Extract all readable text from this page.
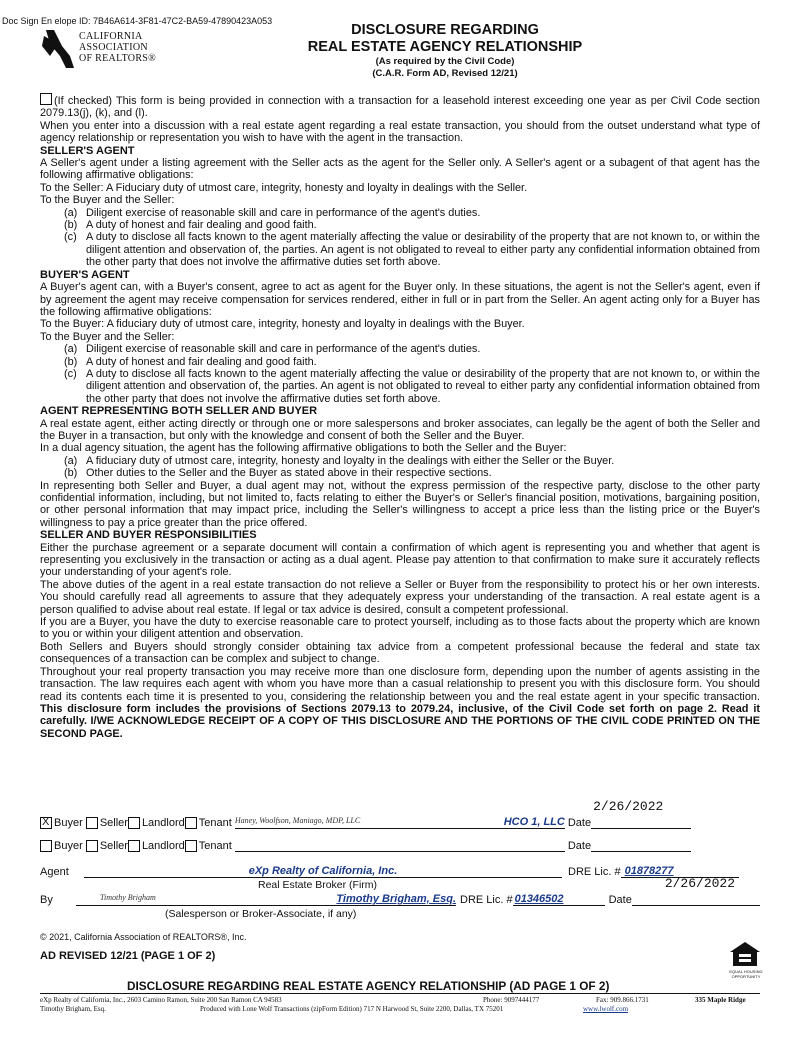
Doc Sign En elope ID: 7B46A614-3F81-47C2-BA59-47890423A053
CALIFORNIA
ASSOCIATION
OF REALTORS®
DISCLOSURE REGARDING
REAL ESTATE AGENCY RELATIONSHIP
(As required by the Civil Code)
(C.A.R. Form AD, Revised 12/21)

(If checked) This form is being provided in connection with a transaction for a leasehold interest exceeding one year as per Civil Code section 2079.13(j), (k), and (l).

When you enter into a discussion with a real estate agent regarding a real estate transaction, you should from the outset understand what type of agency relationship or representation you wish to have with the agent in the transaction.

SELLER'S AGENT

A Seller's agent under a listing agreement with the Seller acts as the agent for the Seller only. A Seller's agent or a subagent of that agent has the following affirmative obligations:

To the Seller: A Fiduciary duty of utmost care, integrity, honesty and loyalty in dealings with the Seller.

To the Buyer and the Seller:

(a) Diligent exercise of reasonable skill and care in performance of the agent's duties.
(b) A duty of honest and fair dealing and good faith.
(c) A duty to disclose all facts known to the agent materially affecting the value or desirability of the property that are not known to, or within the diligent attention and observation of, the parties. An agent is not obligated to reveal to either party any confidential information obtained from the other party that does not involve the affirmative duties set forth above.
BUYER'S AGENT

A Buyer's agent can, with a Buyer's consent, agree to act as agent for the Buyer only. In these situations, the agent is not the Seller's agent, even if by agreement the agent may receive compensation for services rendered, either in full or in part from the Seller. An agent acting only for a Buyer has the following affirmative obligations:

To the Buyer: A fiduciary duty of utmost care, integrity, honesty and loyalty in dealings with the Buyer.

To the Buyer and the Seller:

(a) Diligent exercise of reasonable skill and care in performance of the agent's duties.
(b) A duty of honest and fair dealing and good faith.
(c) A duty to disclose all facts known to the agent materially affecting the value or desirability of the property that are not known to, or within the diligent attention and observation of, the parties. An agent is not obligated to reveal to either party any confidential information obtained from the other party that does not involve the affirmative duties set forth above.
AGENT REPRESENTING BOTH SELLER AND BUYER

A real estate agent, either acting directly or through one or more salespersons and broker associates, can legally be the agent of both the Seller and the Buyer in a transaction, but only with the knowledge and consent of both the Seller and the Buyer.

In a dual agency situation, the agent has the following affirmative obligations to both the Seller and the Buyer:

(a) A fiduciary duty of utmost care, integrity, honesty and loyalty in the dealings with either the Seller or the Buyer.
(b) Other duties to the Seller and the Buyer as stated above in their respective sections.

In representing both Seller and Buyer, a dual agent may not, without the express permission of the respective party, disclose to the other party confidential information, including, but not limited to, facts relating to either the Buyer's or Seller's financial position, motivations, bargaining position, or other personal information that may impact price, including the Seller's willingness to accept a price less than the listing price or the Buyer's willingness to pay a price greater than the price offered.

SELLER AND BUYER RESPONSIBILITIES

Either the purchase agreement or a separate document will contain a confirmation of which agent is representing you and whether that agent is representing you exclusively in the transaction or acting as a dual agent. Please pay attention to that confirmation to make sure it accurately reflects your understanding of your agent's role.

The above duties of the agent in a real estate transaction do not relieve a Seller or Buyer from the responsibility to protect his or her own interests. You should carefully read all agreements to assure that they adequately express your understanding of the transaction. A real estate agent is a person qualified to advise about real estate. If legal or tax advice is desired, consult a competent professional.

If you are a Buyer, you have the duty to exercise reasonable care to protect yourself, including as to those facts about the property which are known to you or within your diligent attention and observation.

Both Sellers and Buyers should strongly consider obtaining tax advice from a competent professional because the federal and state tax consequences of a transaction can be complex and subject to change.

Throughout your real property transaction you may receive more than one disclosure form, depending upon the number of agents assisting in the transaction. The law requires each agent with whom you have more than a casual relationship to present you with this disclosure form. You should read its contents each time it is presented to you, considering the relationship between you and the real estate agent in your specific transaction. This disclosure form includes the provisions of Sections 2079.13 to 2079.24, inclusive, of the Civil Code set forth on page 2. Read it carefully. I/WE ACKNOWLEDGE RECEIPT OF A COPY OF THIS DISCLOSURE AND THE PORTIONS OF THE CIVIL CODE PRINTED ON THE SECOND PAGE.

X
Buyer
Seller Landlord Tenant
Haney, Woolfson, Maniago, MDP, LLC	HCO 1, LLC Date
2/26/2022

Buyer
Seller Landlord Tenant

	Date

Agent	eXp Realty of California, Inc.	DRE Lic. # 01878277
Real Estate Broker (Firm)
By	Timothy Brigham	Timothy Brigham, Esq. DRE Lic. # 01346502	Date
2/26/2022

(Salesperson or Broker-Associate, if any)
© 2021, California Association of REALTORS®, Inc.
AD REVISED 12/21 (PAGE 1 OF 2)
EQUAL HOUSING OPPORTUNITY
DISCLOSURE REGARDING REAL ESTATE AGENCY RELATIONSHIP (AD PAGE 1 OF 2)
eXp Realty of California, Inc., 2603 Camino Ramon, Suite 200 San Ramon CA 94583	Phone: 9097444177	Fax: 909.866.1731	335 Maple Ridge
Timothy Brigham, Esq.	Produced with Lone Wolf Transactions (zipForm Edition) 717 N Harwood St, Suite 2200, Dallas, TX 75201	www.lwolf.com
